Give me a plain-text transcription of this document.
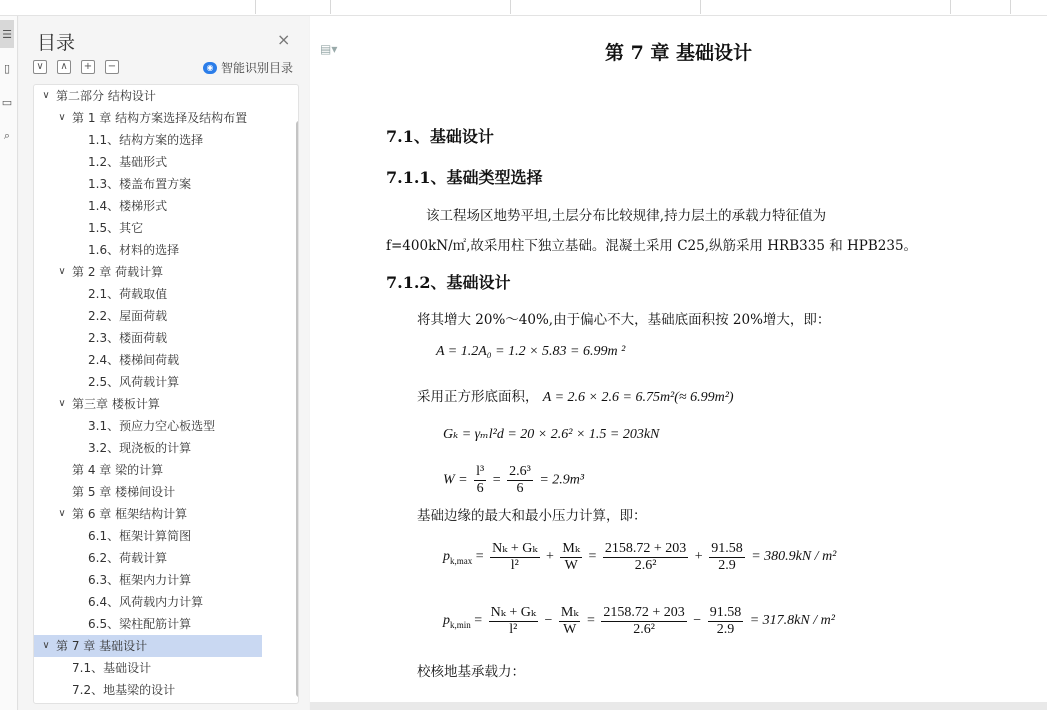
☰
▯
▭
⌕
目录	×
∨	∧	+ −	◉ 智能识别目录
∨ 第二部分 结构设计
∨ 第 1 章 结构方案选择及结构布置
1.1、结构方案的选择
1.2、基础形式
1.3、楼盖布置方案
1.4、楼梯形式
1.5、其它
1.6、材料的选择
∨ 第 2 章 荷载计算
2.1、荷载取值
2.2、屋面荷载
2.3、楼面荷载
2.4、楼梯间荷载
2.5、风荷载计算
∨ 第三章 楼板计算
3.1、预应力空心板选型
3.2、现浇板的计算
第 4 章 梁的计算
第 5 章 楼梯间设计
∨ 第 6 章 框架结构计算
6.1、框架计算简图
6.2、荷载计算
6.3、框架内力计算
6.4、风荷载内力计算
6.5、梁柱配筋计算
∨ 第 7 章 基础设计
7.1、基础设计
7.2、地基梁的设计
▤▾	第 7 章 基础设计
7.1、基础设计
7.1.1、基础类型选择
该工程场区地势平坦,土层分布比较规律,持力层土的承载力特征值为
f=400kN/㎡,故采用柱下独立基础。混凝土采用 C25,纵筋采用 HRB335 和 HPB235。
7.1.2、基础设计
将其增大 20%～40%,由于偏心不大，基础底面积按 20%增大，即：
A = 1.2A₀ = 1.2 × 5.83 = 6.99m ²
采用正方形底面积， A = 2.6 × 2.6 = 6.75m²(≈ 6.99m²)
Gₖ = γₘl²d = 20 × 2.6² × 1.5 = 203kN
$W = \frac{\text{l³}}{6} = \frac{\text{2.6³}}{6} = 2.9m^3$
基础边缘的最大和最小压力计算，即：
$p_{k,max} = \frac{\text{Nₖ + Gₖ}}{\text{l²}} + \frac{\text{Mₖ}}{W} = \frac{2158.72 + 203}{\text{2.6²}} + \frac{91.58}{2.9} = 380.9kN / m^2$
$p_{k,min} = \frac{\text{Nₖ + Gₖ}}{\text{l²}} - \frac{\text{Mₖ}}{W} = \frac{2158.72 + 203}{\text{2.6²}} - \frac{91.58}{2.9} = 317.8kN / m^2$
校核地基承载力：
